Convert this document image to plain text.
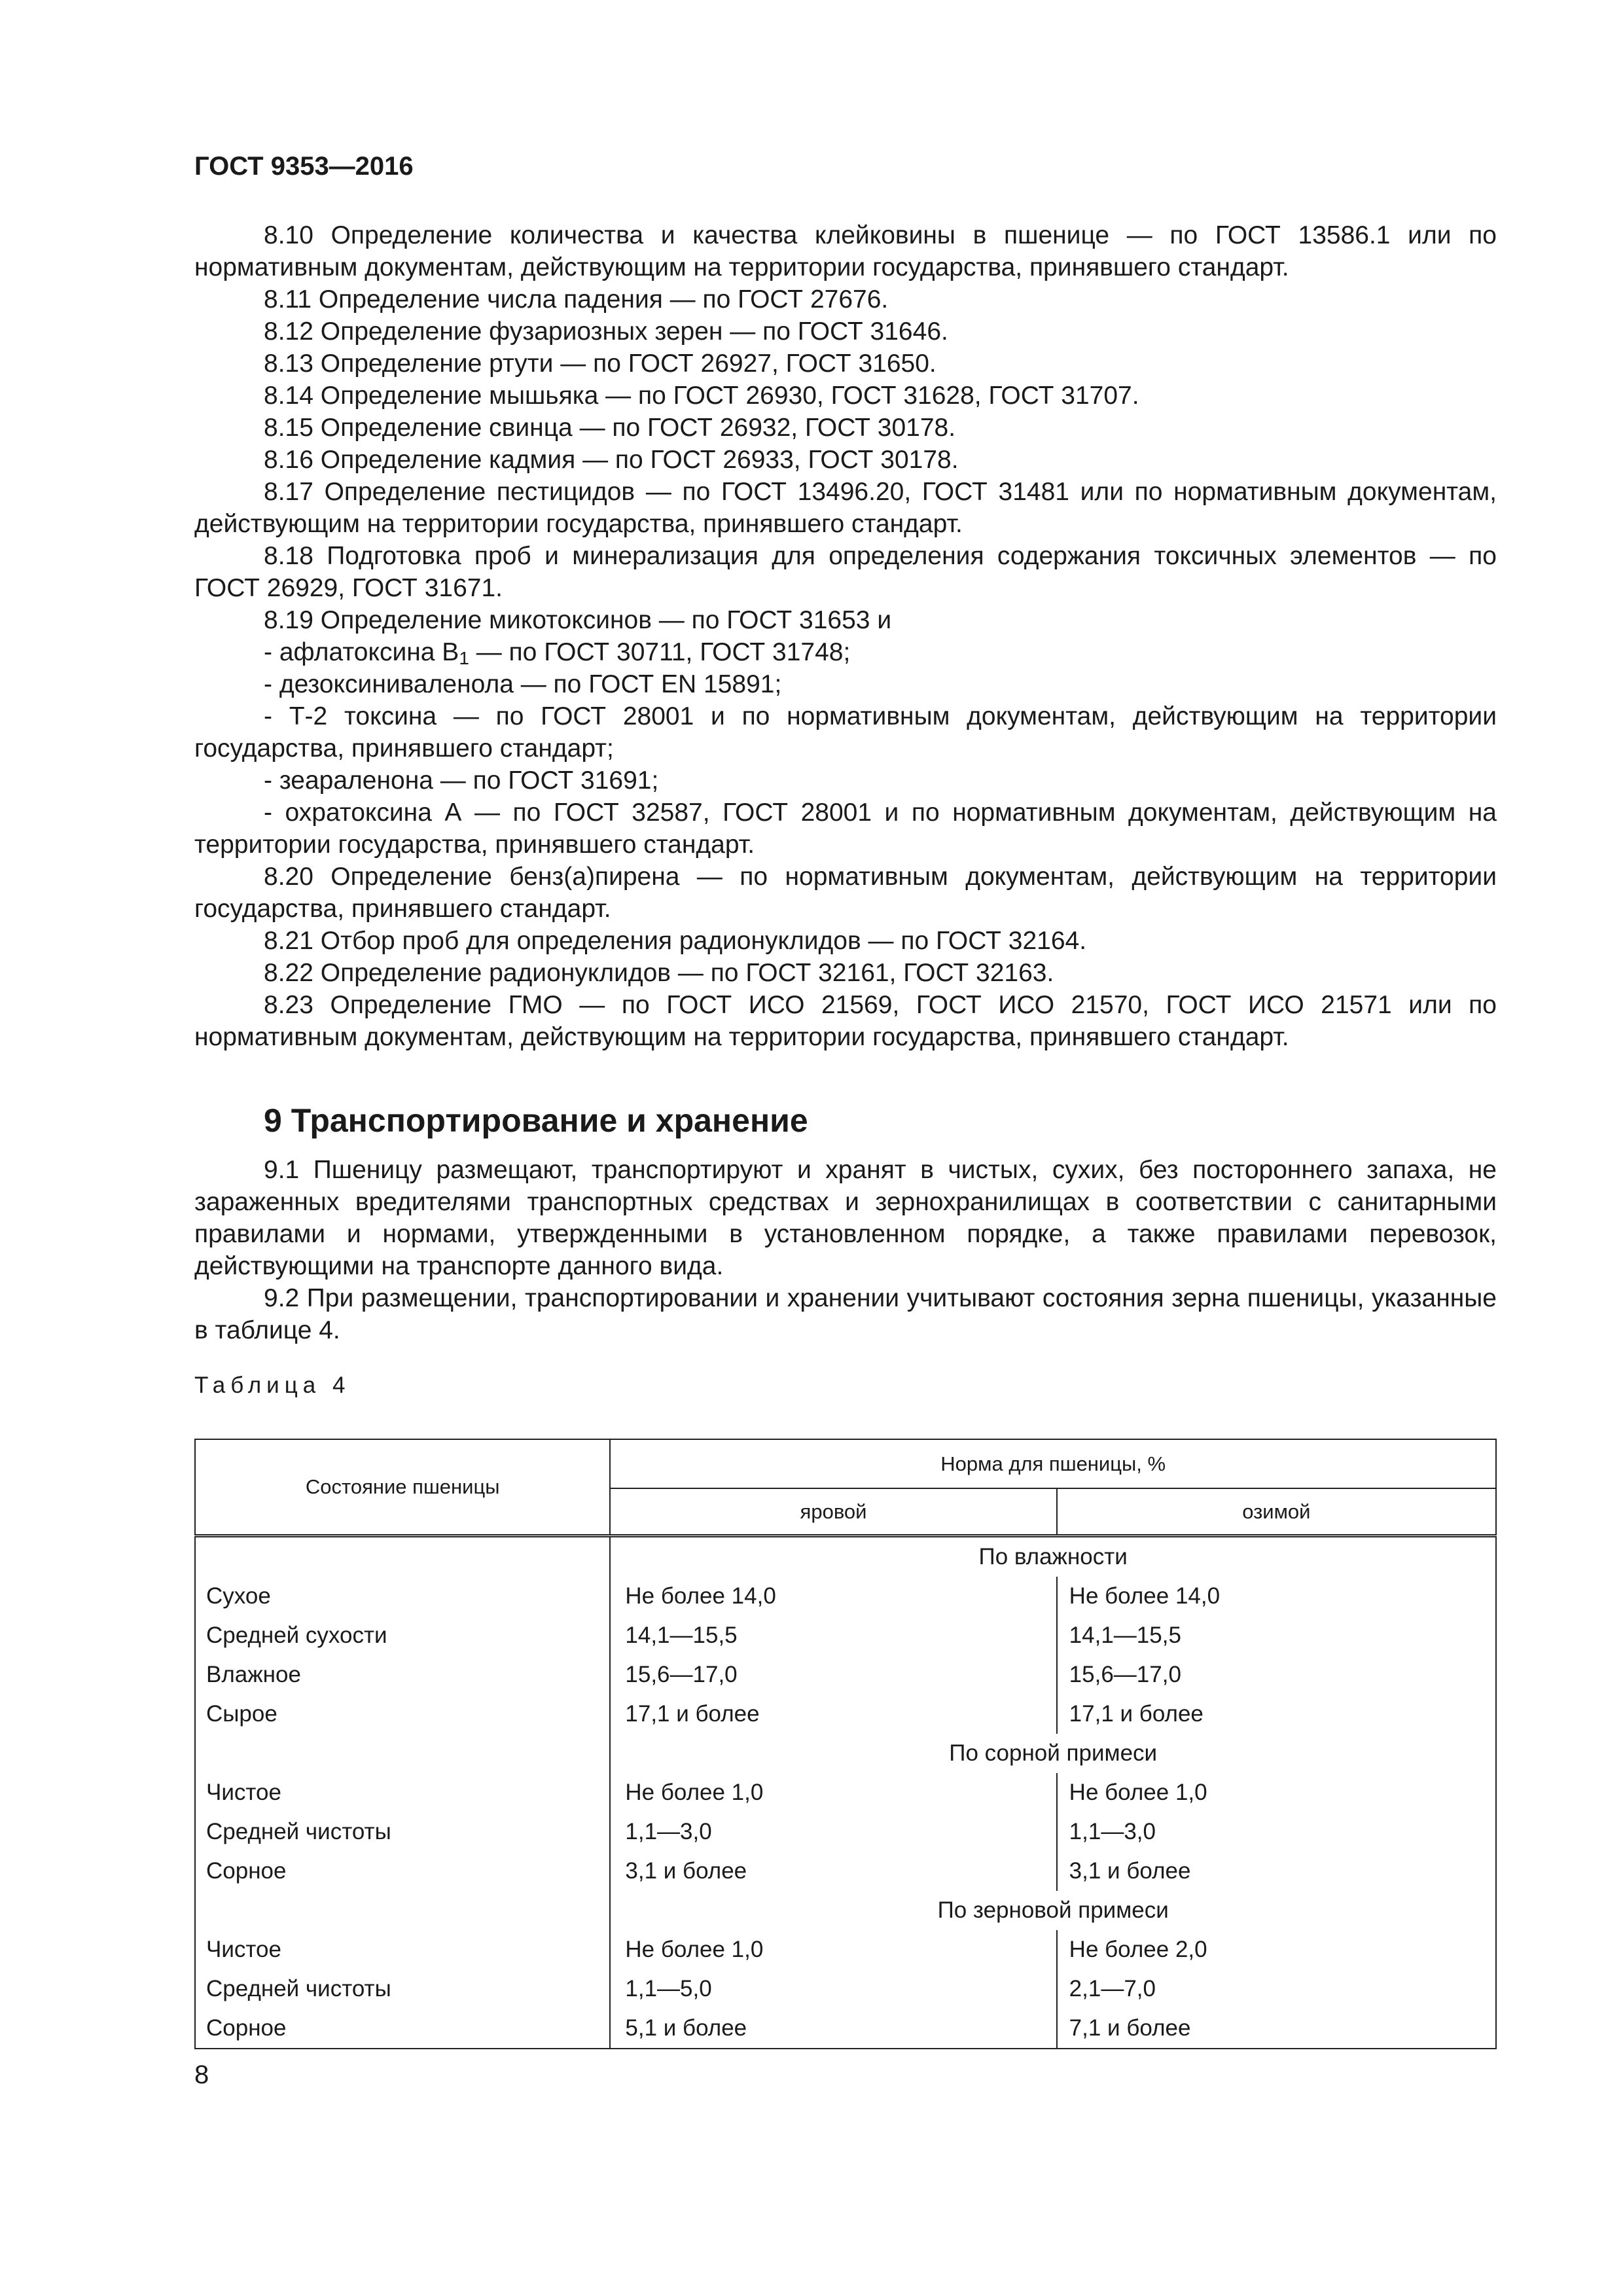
ГОСТ 9353—2016

8.10 Определение количества и качества клейковины в пшенице — по ГОСТ 13586.1 или по нормативным документам, действующим на территории государства, принявшего стандарт.

8.11 Определение числа падения — по ГОСТ 27676.

8.12 Определение фузариозных зерен — по ГОСТ 31646.

8.13 Определение ртути — по ГОСТ 26927, ГОСТ 31650.

8.14 Определение мышьяка — по ГОСТ 26930, ГОСТ 31628, ГОСТ 31707.

8.15 Определение свинца — по ГОСТ 26932, ГОСТ 30178.

8.16 Определение кадмия — по ГОСТ 26933, ГОСТ 30178.

8.17 Определение пестицидов — по ГОСТ 13496.20, ГОСТ 31481 или по нормативным документам, действующим на территории государства, принявшего стандарт.

8.18 Подготовка проб и минерализация для определения содержания токсичных элементов — по ГОСТ 26929, ГОСТ 31671.

8.19 Определение микотоксинов — по ГОСТ 31653 и

- афлатоксина $В_1$ — по ГОСТ 30711, ГОСТ 31748;

- дезоксиниваленола — по ГОСТ EN 15891;

- Т-2 токсина — по ГОСТ 28001 и по нормативным документам, действующим на территории государства, принявшего стандарт;

- зеараленона — по ГОСТ 31691;

- охратоксина А — по ГОСТ 32587, ГОСТ 28001 и по нормативным документам, действующим на территории государства, принявшего стандарт.

8.20 Определение бенз(а)пирена — по нормативным документам, действующим на территории государства, принявшего стандарт.

8.21 Отбор проб для определения радионуклидов — по ГОСТ 32164.

8.22 Определение радионуклидов — по ГОСТ 32161, ГОСТ 32163.

8.23 Определение ГМО — по ГОСТ ИСО 21569, ГОСТ ИСО 21570, ГОСТ ИСО 21571 или по нормативным документам, действующим на территории государства, принявшего стандарт.

9 Транспортирование и хранение

9.1 Пшеницу размещают, транспортируют и хранят в чистых, сухих, без постороннего запаха, не зараженных вредителями транспортных средствах и зернохранилищах в соответствии с санитарными правилами и нормами, утвержденными в установленном порядке, а также правилами перевозок, действующими на транспорте данного вида.

9.2 При размещении, транспортировании и хранении учитывают состояния зерна пшеницы, указанные в таблице 4.

Таблица 4
Состояние пшеницы	Норма для пшеницы, %	
	яровой	озимой
	По влажности	
Сухое	Не более 14,0	Не более 14,0
Средней сухости	14,1—15,5	14,1—15,5
Влажное	15,6—17,0	15,6—17,0
Сырое	17,1 и более	17,1 и более
	По сорной примеси	
Чистое	Не более 1,0	Не более 1,0
Средней чистоты	1,1—3,0	1,1—3,0
Сорное	3,1 и более	3,1 и более
	По зерновой примеси	
Чистое	Не более 1,0	Не более 2,0
Средней чистоты	1,1—5,0	2,1—7,0
Сорное	5,1 и более	7,1 и более
8
